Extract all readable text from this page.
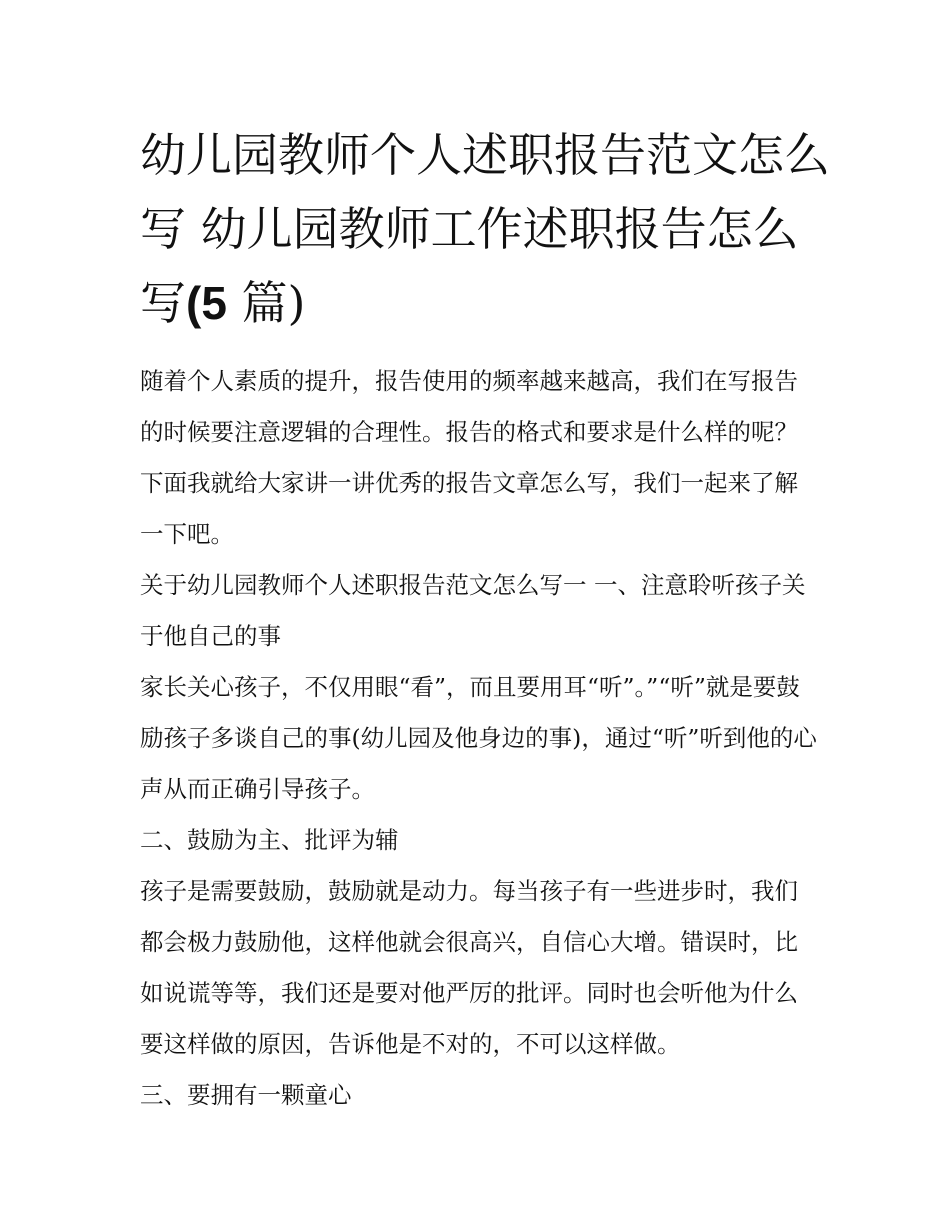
幼儿园教师个人述职报告范文怎么写 幼儿园教师工作述职报告怎么写(5 篇)

随着个人素质的提升，报告使用的频率越来越高，我们在写报告的时候要注意逻辑的合理性。报告的格式和要求是什么样的呢？下面我就给大家讲一讲优秀的报告文章怎么写，我们一起来了解一下吧。

关于幼儿园教师个人述职报告范文怎么写一 一、注意聆听孩子关于他自己的事

家长关心孩子，不仅用眼“看”，而且要用耳“听”。”“听”就是要鼓励孩子多谈自己的事(幼儿园及他身边的事)，通过“听”听到他的心声从而正确引导孩子。

二、鼓励为主、批评为辅

孩子是需要鼓励，鼓励就是动力。每当孩子有一些进步时，我们都会极力鼓励他，这样他就会很高兴，自信心大增。错误时，比如说谎等等，我们还是要对他严厉的批评。同时也会听他为什么要这样做的原因，告诉他是不对的，不可以这样做。

三、要拥有一颗童心
